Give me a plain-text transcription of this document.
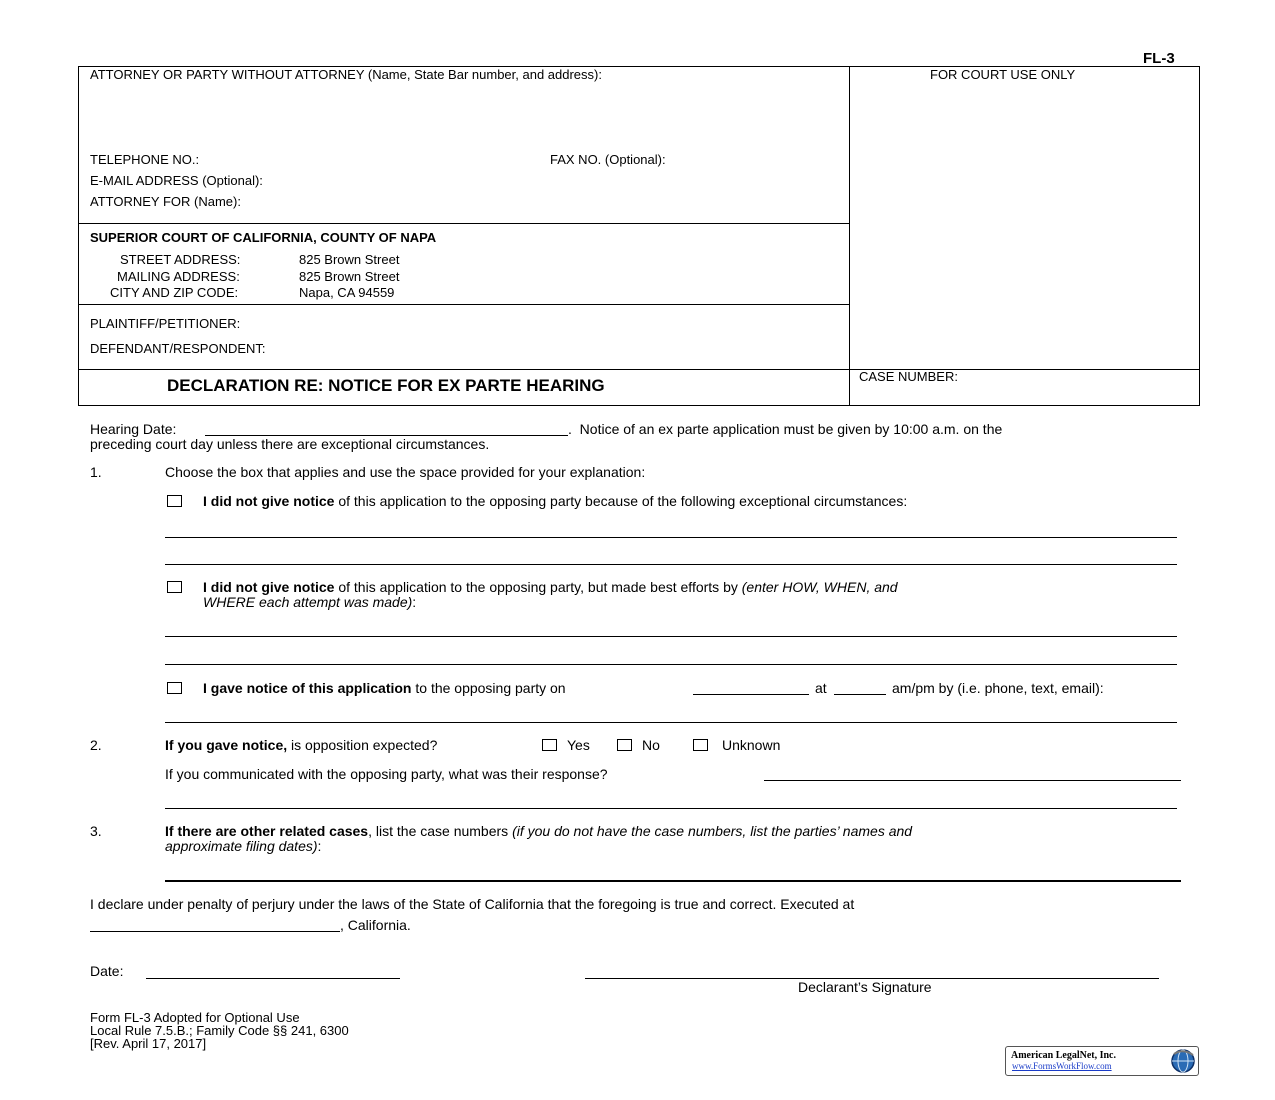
FL-3
ATTORNEY OR PARTY WITHOUT ATTORNEY (Name, State Bar number, and address):	FOR COURT USE ONLY
TELEPHONE NO.:	FAX NO. (Optional):
E-MAIL ADDRESS (Optional):
ATTORNEY FOR (Name):
SUPERIOR COURT OF CALIFORNIA, COUNTY OF NAPA
STREET ADDRESS:	825 Brown Street
MAILING ADDRESS:	825 Brown Street
CITY AND ZIP CODE:	Napa, CA 94559
PLAINTIFF/PETITIONER:
DEFENDANT/RESPONDENT:
DECLARATION RE: NOTICE FOR EX PARTE HEARING	CASE NUMBER:
Hearing Date:	.  Notice of an ex parte application must be given by 10:00 a.m. on the
preceding court day unless there are exceptional circumstances.
1.	Choose the box that applies and use the space provided for your explanation:
I did not give notice of this application to the opposing party because of the following exceptional circumstances:
I did not give notice of this application to the opposing party, but made best efforts by (enter HOW, WHEN, and
WHERE each attempt was made):
I gave notice of this application to the opposing party on	at	am/pm by (i.e. phone, text, email):
2.	If you gave notice, is opposition expected?	Yes	No	Unknown
If you communicated with the opposing party, what was their response?
3.	If there are other related cases, list the case numbers (if you do not have the case numbers, list the parties’ names and
approximate filing dates):
I declare under penalty of perjury under the laws of the State of California that the foregoing is true and correct. Executed at
, California.
Date:
Declarant’s Signature
Form FL-3 Adopted for Optional Use
Local Rule 7.5.B.; Family Code §§ 241, 6300
[Rev. April 17, 2017]
American LegalNet, Inc.
www.FormsWorkFlow.com
